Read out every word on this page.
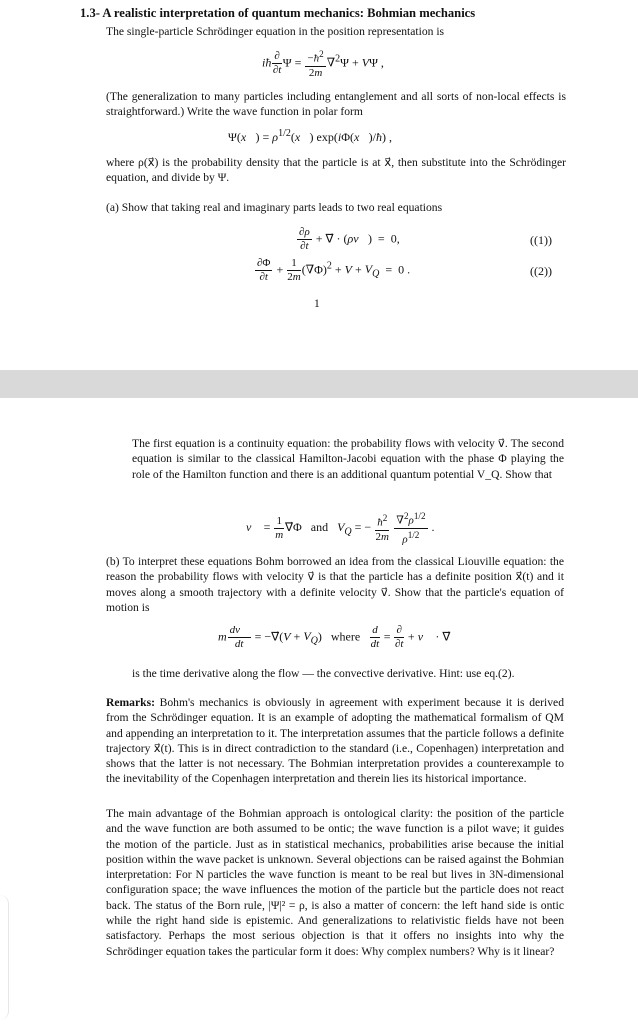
1.3- A realistic interpretation of quantum mechanics: Bohmian mechanics

The single-particle Schrödinger equation in the position representation is

iħ $\frac{\partial}{\partial t}$ $\Psi = \frac{-ħ^2}{2m} \nabla^2\Psi + V\Psi$ ,

(The generalization to many particles including entanglement and all sorts of non-local effects is straightforward.) Write the wave function in polar form

Ψ(x⃗) = $\rho^{1/2}(x⃗)$ exp(iΦ(x⃗)/ħ) ,

where ρ(x⃗) is the probability density that the particle is at x⃗, then substitute into the Schrödinger equation, and divide by Ψ.

(a) Show that taking real and imaginary parts leads to two real equations

$\frac{\partial\rho}{\partial t}$ + ∇⃗ · (ρv⃗)  =  0,	((1))
$\frac{\partial\Phi}{\partial t} + \frac{1}{2m} (\nabla\Phi)^2 + V + V_Q = 0$ .	((2))
1

The first equation is a continuity equation: the probability flows with velocity v⃗. The second equation is similar to the classical Hamilton-Jacobi equation with the phase Φ playing the role of the Hamilton function and there is an additional quantum potential V_Q. Show that

v⃗ = $\frac{1}{m}$ ∇⃗Φ   and   $V_Q$ = − $\frac{ħ^2}{2m}$
$\frac{\nabla^2\rho^{1/2}}{\rho^{1/2}}$ .

(b) To interpret these equations Bohm borrowed an idea from the classical Liouville equation: the reason the probability flows with velocity v⃗ is that the particle has a definite position x⃗(t) and it moves along a smooth trajectory with a definite velocity v⃗. Show that the particle's equation of motion is

m $\frac{dv⃗}{dt}$ = −∇⃗(V + $V_Q$)   where $\frac{d}{dt} = \frac{\partial}{\partial t}$ + v⃗ · ∇⃗

is the time derivative along the flow — the convective derivative. Hint: use eq.(2).

Remarks: Bohm's mechanics is obviously in agreement with experiment because it is derived from the Schrödinger equation. It is an example of adopting the mathematical formalism of QM and appending an interpretation to it. The interpretation assumes that the particle follows a definite trajectory x⃗(t). This is in direct contradiction to the standard (i.e., Copenhagen) interpretation and shows that the latter is not necessary. The Bohmian interpretation provides a counterexample to the inevitability of the Copenhagen interpretation and therein lies its historical importance.

The main advantage of the Bohmian approach is ontological clarity: the position of the particle and the wave function are both assumed to be ontic; the wave function is a pilot wave; it guides the motion of the particle. Just as in statistical mechanics, probabilities arise because the initial position within the wave packet is unknown. Several objections can be raised against the Bohmian interpretation: For N particles the wave function is meant to be real but lives in 3N-dimensional configuration space; the wave influences the motion of the particle but the particle does not react back. The status of the Born rule, |Ψ|² = ρ, is also a matter of concern: the left hand side is ontic while the right hand side is epistemic. And generalizations to relativistic fields have not been satisfactory. Perhaps the most serious objection is that it offers no insights into why the Schrödinger equation takes the particular form it does: Why complex numbers? Why is it linear?
